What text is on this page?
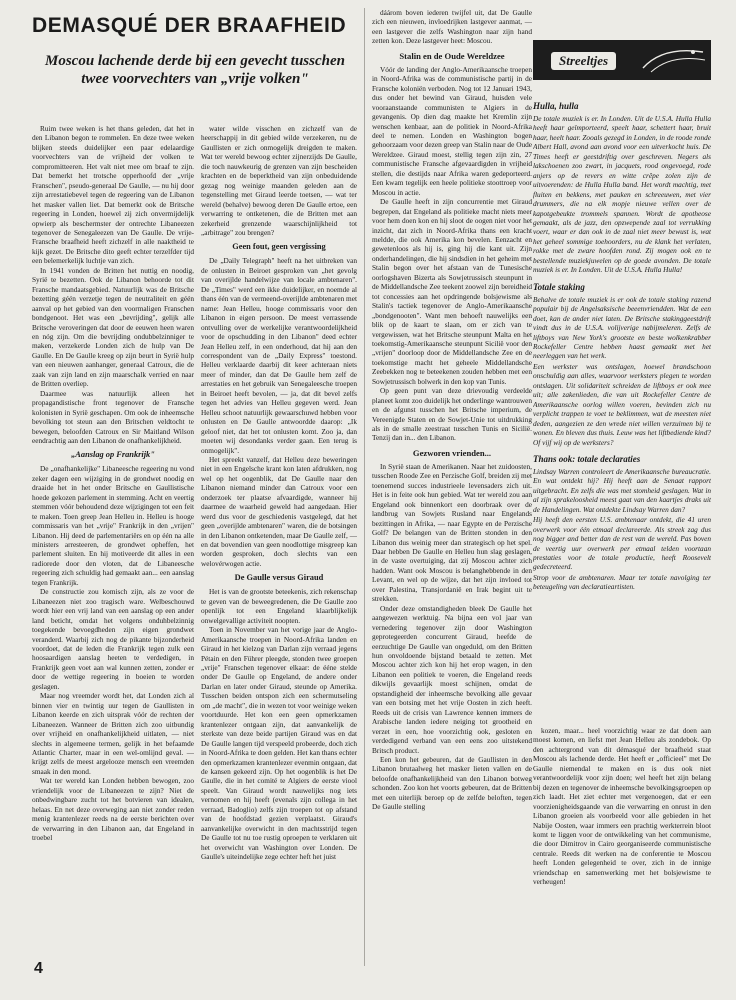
DEMASQUÉ DER BRAAFHEID
Moscou lachende derde bij een gevecht tusschen twee voorvechters van „vrije volken"

Ruim twee weken is het thans geleden, dat het in den Libanon begon te rommelen. En deze twee weken blijken steeds duidelijker een paar edelaardige voorvechters van de vrijheid der volken te compromitteeren. Het valt niet mee om braaf te zijn. Dat bemerkt het trotsche opperhoofd der „vrije Franschen", pseudo-generaal De Gaulle, — nu hij door zijn arrestatiebevel tegen de regeering van de Libanon het masker vallen liet. Dat bemerkt ook de Britsche regeering in Londen, hoewel zij zich onvermijdelijk opwierp als beschermster der ontrechte Libaneezen tegenover de Senegaleezen van De Gaulle. De vrije-Fransche braafheid heeft zichzelf in alle naaktheid te kijk gezet. De Britsche dito geeft echter terzelfder tijd een belemerkelijk luchtje van zich.

In 1941 vonden de Britten het nuttig en noodig, Syrië te bezetten. Ook de Libanon behoorde tot dit Fransche mandaatsgebied. Natuurlijk was de Britsche bezetting géén verzetje tegen de neutraliteit en géén aanval op het gebied van den voormaligen Franschen bondgenoot. Het was een „bevrijding", gelijk alle Britsche veroveringen dat door de eeuwen heen waren en nóg zijn. Om die bevrijding ondubbelzinniger te maken, verzekerde Londen zich de hulp van De Gaulle. En De Gaulle kreeg op zijn beurt in Syrië hulp van een nieuwen aanhanger, generaal Catroux, die de zaak van zijn land en zijn maarschalk verried en naar de Britten overliep.

Daarmee was natuurlijk alleen het propagandistische front tegenover de Fransche kolonisten in Syrië geschapen. Om ook de inheemsche bevolking tot steun aan den Britschen veldtocht te bewegen, beloofden Catroux en Sir Maitland Wilson eendrachtig aan den Libanon de onafhankelijkheid.

„Aanslag op Frankrijk"

De „onafhankelijke" Libaneesche regeering nu vond zeker dagen een wijziging in de grondwet noodig en draaide het in het onder Britsche en Gaullistische hoede gekozen parlement in stemming. Acht en veertig stemmen vóór behoudend deze wijzigingen tot een feit te maken. Toen greep Jean Helleu in. Helleu is hooge commissaris van het „vrije" Frankrijk in den „vrijen" Libanon. Hij deed de parlementariërs en op één na alle ministers arresteeren, de grondwet opheffen, het parlement sluiten. En hij motiveerde dit alles in een radiorede door den vloten, dat de Libaneesche regeering zich schuldig had gemaakt aan... een aanslag tegen Frankrijk.

De constructie zou komisch zijn, als ze voor de Libaneezen niet zoo tragisch ware. Welbeschouwd wordt hier een vrij land van een aanslag op een ander land beticht, omdat het volgens onduhbelzinnig toegekende bevoegdheden zijn eigen grondwet veranderd. Waarbij zich nog de pikante bijzonderheid voordoet, dat de leden die Frankrijk tegen zulk een hoosaardigen aanslag heeten te verdedigen, in Frankrijk geen voet aan wal kunnen zetten, zonder er door de wettige regeering in boeien te worden geslagen.

Maar nog vreemder wordt het, dat Londen zich al binnen vier en twintig uur tegen de Gaullisten in Libanon keerde en zich uitsprak vóór de rechten der Libaneezen. Wanneer de Britten zich zoo uitbundig over vrijheid en onafhankelijkheid uitlaten, — niet slechts in algemeene termen, gelijk in het befaamde Atlantic Charter, maar in een wel-omlijnd geval. — krijgt zelfs de meest argelooze mensch een vreemden smaak in den mond.

Wat ter wereld kan Londen hebben bewogen, zoo vriendelijk voor de Libaneezen te zijn? Niet de onbedwingbare zucht tot het botvieren van idealen, helaas. En net deze overweging aan niet zonder reden menig krantenlezer reeds na de eerste berichten over de verwarring in den Libanon aan, dat Engeland in troebel

water wilde visschen en zichzelf van de heerschappij in dit gebied wilde verzekeren, nu de Gaullisten er zich onmogelijk dreigden te maken. Wat ter wereld bewoog echter zijnerzijds De Gaulle, die toch nauwkeurig de grenzen van zijn bescheiden krachten en de beperktheid van zijn onbeduidende gezag nog weinige maanden geleden aan de tegenstelling met Giraud leerde toetsen, — wat ter wereld (behalve) bewoog deren De Gaulle ertoe, een verwarring te ontketenen, die de Britten met aan zekerheid grenzende waarschijnlijkheid tot „arbitrage" zou brengen?

Geen fout, geen vergissing

De „Daily Telegraph" heeft na het uitbreken van de onlusten in Beiroet gesproken van „het gevolg van overijlde handelwijze van locale ambtenaren". De „Times" werd een ikke duidelijker, en noemde al thans één van de vermeend-overijlde ambtenaren met name: Jean Helleu, hooge commissaris voor den Libanon in eigen persoon. De meest verrassende ontvulling over de werkelijke verantwoordelijkheid voor de opschudding in den Libanon" deed echter Jean Helleu zelf, in een onderhoud, dat hij aan den correspondent van de „Daily Express" toestond. Helleu verklaarde daarbij dit keer achteraan niets meer of minder, dan dat De Gaulle hem zelf de arrestaties en het gebruik van Senegaleesche troepen in Beiroet heeft bevolen, — ja, dat dit bevel zelfs tegen het advies van Helleu gegeven werd. Jean Helleu schoot natuurlijk gewaarschuwd hebben voor onlusten en De Gaulle antwoordde daarop: „Ik geloof niet, dat het tot onlusten komt. Zoo ja, dan moeten wij desondanks verder gaan. Een terug is onmogelijk".

Het spreekt vanzelf, dat Helleu deze beweringen niet in een Engelsche krant kon laten afdrukken, nog wel op het oogenblik, dat De Gaulle naar den Libanon niemand minder dan Catroux voor een onderzoek ter plaatse afvaardigde, wanneer hij daarmee de waarheid geweld had aangedaan. Hier werd dus voor de geschiedenis vastgelegd, dat het geen „overijlde ambtenaren" waren, die de botsingen in den Libanon ontketenden, maar De Gaulle zelf, — en dat bovendien van geen noodlottige misgreep kan worden gesproken, doch slechts van een welovérwogen actie.

De Gaulle versus Giraud

Het is van de grootste beteekenis, zich rekenschap te geven van de beweegredenen, die De Gaulle zoo openlijk tot een Engeland klaarblijkelijk onwelgevallige activiteit noopten.

Toen in November van het vorige jaar de Anglo-Amerikaansche troepen in Noord-Afrika landen en Giraud in het kielzog van Darlan zijn verraad jegens Pétain en den Führer pleegde, stonden twee groepen „vrije" Franschen tegenover elkaar: de ééne stelde onder De Gaulle op Engeland, de andere onder Darlan en later onder Giraud, steunde op Amerika. Tusschen beiden ontspon zich een schermutseling om „de macht", die in wezen tot voor weinige weken voortduurde. Het kon een geen opmerkzamen krantenlezer ontgaan zijn, dat aanvankelijk de sterkste van deze beide partijen Giraud was en dat De Gaulle langen tijd verspeeld probeerde, doch zich in Noord-Afrika te doen gelden. Het kan thans echter den opmerkzamen krantenlezer evenmin ontgaan, dat de kansen gekeerd zijn. Op het oogenblik is het De Gaulle, die in het comité te Algiers de eerste viool speelt. Van Giraud wordt nauwelijks nog iets vernomen en hij heeft (evenals zijn collega in het verraad, Badoglio) zelfs zijn troepen tot op afstand van de hoofdstad gezien verplaatst. Giraud's aanvankelijke overwicht in den machtsstrijd tegen De Gaulle tot nu toe rustig oproepen te verklaren uit het overwicht van Washington over Londen. De Gaulle's uiteindelijke zege echter heft het juist

dáárom boven iederen twijfel uit, dat De Gaulle zich een nieuwen, invloedrijken lastgever aanmat, — een lastgever die zelfs Washington naar zijn hand zetten kon. Deze lastgever heet: Moscou.

Stalin en de Oude Wereldzee

Vóór de landing der Anglo-Amerikaansche troepen in Noord-Afrika was de communistische partij in de Fransche koloniën verboden. Nog tot 12 Januari 1943, dus onder het bewind van Giraud, huisden vele vooraanstaande communisten te Algiers in de gevangenis. Op dien dag maakte het Kremlin zijn wenschen kenbaar, aan de politiek in Noord-Afrika deel te nemen. Londen en Washington bogen gehoorzaam voor dezen greep van Stalin naar de Oude Wereldzee. Giraud moest, stellig tegen zijn zin, 27 communistische Fransche afgevaardigden in vrijheid stellen, die destijds naar Afrika waren gedeporteerd. Een kwam tegelijk een heele politieke stoottroep voor Moscou in actie.

De Gaulle heeft in zijn concurrentie met Giraud begrepen, dat Engeland als politieke macht niets meer voor hem doen kon en hij sloot de oogen niet voor het inzicht, dat zich in Noord-Afrika thans een kracht meldde, die ook Amerika kon bevelen. Eenzacht en gewetenloos als hij is, ging hij die kant uit. Zijn onderhandelingen, die hij sindsdien in het geheim met Stalin begon over het afstaan van de Tunesische oorlogshaven Bizerta als Sowjetrussisch steunpunt in de Middellandsche Zee teekent zoowel zijn bereidheid tot concessies aan het opdringende bolsjewisme als Stalin's tactiek tegenover de Anglo-Amerikaansche „bondgenooten". Want men behoeft nauwelijks een blik op de kaart te slaan, om er zich van te vergewissen, wat het Britsche steunpunt Malta en het toekomstig-Amerikaansche steunpunt Sicilië voor den „vrijen" doorloop door de Middellandsche Zee en de toekomstige macht het geheele Middellandsche Zeebekken nog te beteekenen zouden hebben met een Sowjetrussisch bolwerk in den kop van Tunis.

Op geen punt van deze drievoudig verdeelde planeet komt zoo duidelijk het onderlinge wantrouwen en de afgunst tusschen het Britsche imperium, de Vereenigde Staten en de Sowjet-Unie tot uitdrukking als in de smalle zeestraat tusschen Tunis en Sicilië. Tenzij dan in... den Libanon.

Gezworen vrienden...

In Syrië staan de Amerikanen. Naar het zuidoosten, tusschen Roode Zee en Perzische Golf, breiden zij met toenemend succes industrieele levensaders zich uit. Het is in feite ook hun gebied. Wat ter wereld zou aan Engeland ook binnenkort een doorbraak over de landbrug van Sowjets Rusland naar Engelands bezittingen in Afrika, — naar Egypte en de Perzische Golf? De belangen van de Britten stonden in den Libanon dus weinig meer dan strategisch op het spel. Daar hebben De Gaulle en Helleu hun slag geslagen, in de vaste overtuiging, dat zij Moscou achter zich hadden. Want ook Moscou is belanghebbende in den Levant, en wel op de wijze, dat het zijn invloed tot over Palestina, Transjordanië en Irak begint uit te strekken.

Onder deze omstandigheden bleek De Gaulle het aangewezen werktuig. Na bijna een vol jaar van vernedering tegenover zijn door Washington geprotegeerden concurrent Giraud, heefde de eerzuchtige De Gaulle van ongeduld, om den Britten hun onvoldoende bijstand betaald te zetten. Met Moscou achter zich kon hij het erop wagen, in den Libanon een politiek te voeren, die Engeland reeds dikwijls gevaarlijk moest schijnen, omdat de opstandigheid der inheemsche bevolking alle gevaar van een botsing met het vrije Oosten in zich heeft. Reeds uit de crisis van Lawrence kennen immers de Arabische landen iedere neiging tot grootheid en verzet in een, hoe voorzichtig ook, gesloten en verdedigend verband van een eens zoo uitstekend Britsch product.

Een kon het gebeuren, dat de Gaullisten in den Libanon brutaalweg het masker lieten vallen en de beloofde onafhankelijkheid van den Libanon botweg schonden. Zoo kon het voorts gebeuren, dat de Britten met een uiterlijk beroep op de zelfde beloften, tegen De Gaulle stelling

Streeltjes
Hulla, hulla

De totale muziek is er. In Londen. Uit de U.S.A. Hulla Hulla heeft haar geïmporteerd, speelt haar, schettert haar, bruit haar, heelt haar. Zooals gezegd in Londen, in de roode ronde Albert Hall, avond aan avond voor een uitverkocht huis. De Times heeft er geestdriftig over geschreven. Negers als lakschoenen zoo zwart, in jacquets, rood ongevoegd, rode anjers op de revers en witte crêpe zolen zijn de uitvoerenden: de Hulla Hulla band. Het wordt machtig, met fluiten en bekkens, met pauken en schreeuwen, met vier drummers, die na elk mopje nieuwe vellen over de kapotgebeukte trommels spannen. Wordt de apotheose gemaakt, als de jazz, den opzwepende zaal tot verrukking voert, waar er dan ook in de zaal niet meer bewust is, wat het geheel sommige toehoorders, nu de klank het verlaten, rokke met de zware hoofden rond. Zij mogen ook en te bestellende muziekjuwelen op de goede avonden. De totale muziek is er. In Londen. Uit de U.S.A. Hulla Hulla!

Totale staking

Behalve de totale muziek is er ook de totale staking razend populair bij de Angelsaksische beeenvriendden. Wat de een doet, kan de ander niet laten. De Britsche stakinggeestdrift vindt dus in de U.S.A. volijverige nabijmeleren. Zelfs de liftboys van New York's grootste en beste wolkenkrabber Rockefeller Centre hebben haast gemaakt met het neerleggen van het werk.

Een werkster was ontslagen, hoewel brandschoon onschuldig aan alles, waarvoor werksters plegen te worden ontslagen. Uit solidariteit schreiden de liftboys er ook mee uit; alle zakenlieden, die van uit Rockefeller Centre de Amerikaansche oorlog willen voeren, bevinden zich nu verplicht trappen te voet te beklimmen, wat de meesten niet deden, aangezien ze den wrede niet willen verzuimen bij te wonen. En bleven dus thuis. Leuw was het liftbediende kind? Of vijf wij op de werksters?

Thans ook: totale declaraties

Lindsay Warren controleert de Amerikaansche bureaucratie. En wat ontdekt hij? Hij heeft aan de Senaat rapport uitgebracht. En zelfs die was met stomheid geslagen. Wat in al zijn sprakeloosheid meest gaat van den kaartjes draks uit de Handelingen. Wat ontdekte Lindsay Warren dan?

Hij heeft den eersten U.S. ambtenaar ontdekt, die 41 uren overwerk voor één etmaal declareerde. Als streek zag dus nog bigger and better dan de rest van de wereld. Pas boven de veertig uur overwerk per etmaal telden voortaan prestaties voor de totale productie, heeft Roosevelt gedecreteerd.

Strop voor de ambtenaren. Maar ter totale navolging ter beteugeling van declaratieartisten.

kozen, maar... heel voorzichtig waar ze dat doen aan moest komen, en liefst met Jean Helleu als zondebok. Op den achtergrond van dit démasqué der braafheid staat Moscou als lachende derde. Het heeft er „officieel" met De Gaulle niemendal te maken en is dus ook niet verantwoordelijk voor zijn doen; wel heeft het zijn belang bij dezen en tegenover de inheemsche bevolkingsgroepen op zich laadt. Het ziet echter met vergenoegen, dat er een voorzienigheidsgaande van die verwarring en onrust in den Libanon groeien als voorbeeld voor alle gebieden in het Nabije Oosten, waar immers een prachtig werkterrein bloot komt te liggen voor de ontwikkeling van het communisme, die door Dimitrov in Cairo georganiseerde communistische centrale. Reeds dit werken na de conferentie te Moscou heeft Londen gelegenheid te over, zich in de innige vriendschap en samenwerking met het bolsjewisme te verheugen!

4
